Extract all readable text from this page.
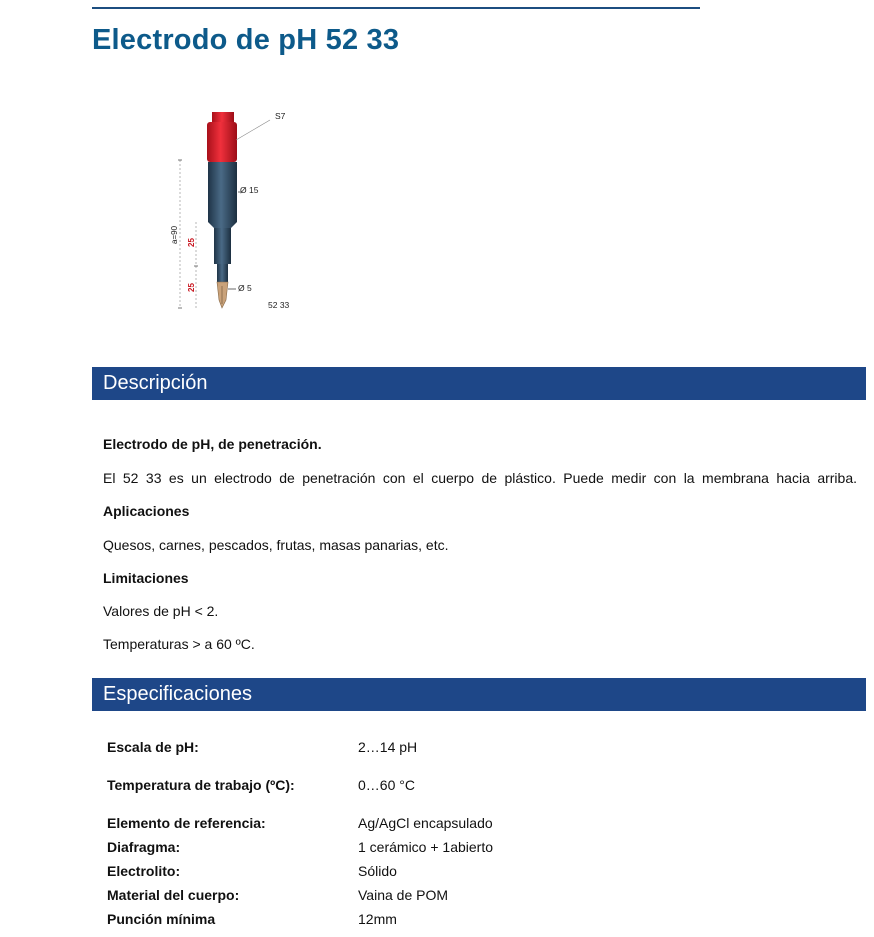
Electrodo de pH 52 33
S7
Ø 15
Ø 5
52 33
a=90 25
25
Descripción

Electrodo de pH, de penetración.

El 52 33 es un electrodo de penetración con el cuerpo de plástico. Puede medir con la membrana hacia arriba.

Aplicaciones

Quesos, carnes, pescados, frutas, masas panarias, etc.

Limitaciones

Valores de pH < 2.

Temperaturas > a 60 ºC.

Especificaciones
Escala de pH:	2…14 pH
Temperatura de trabajo (ºC):	0…60 °C
Elemento de referencia:	Ag/AgCl encapsulado
Diafragma:	1 cerámico + 1abierto
Electrolito:	Sólido
Material del cuerpo:	Vaina de POM
Punción mínima	12mm
